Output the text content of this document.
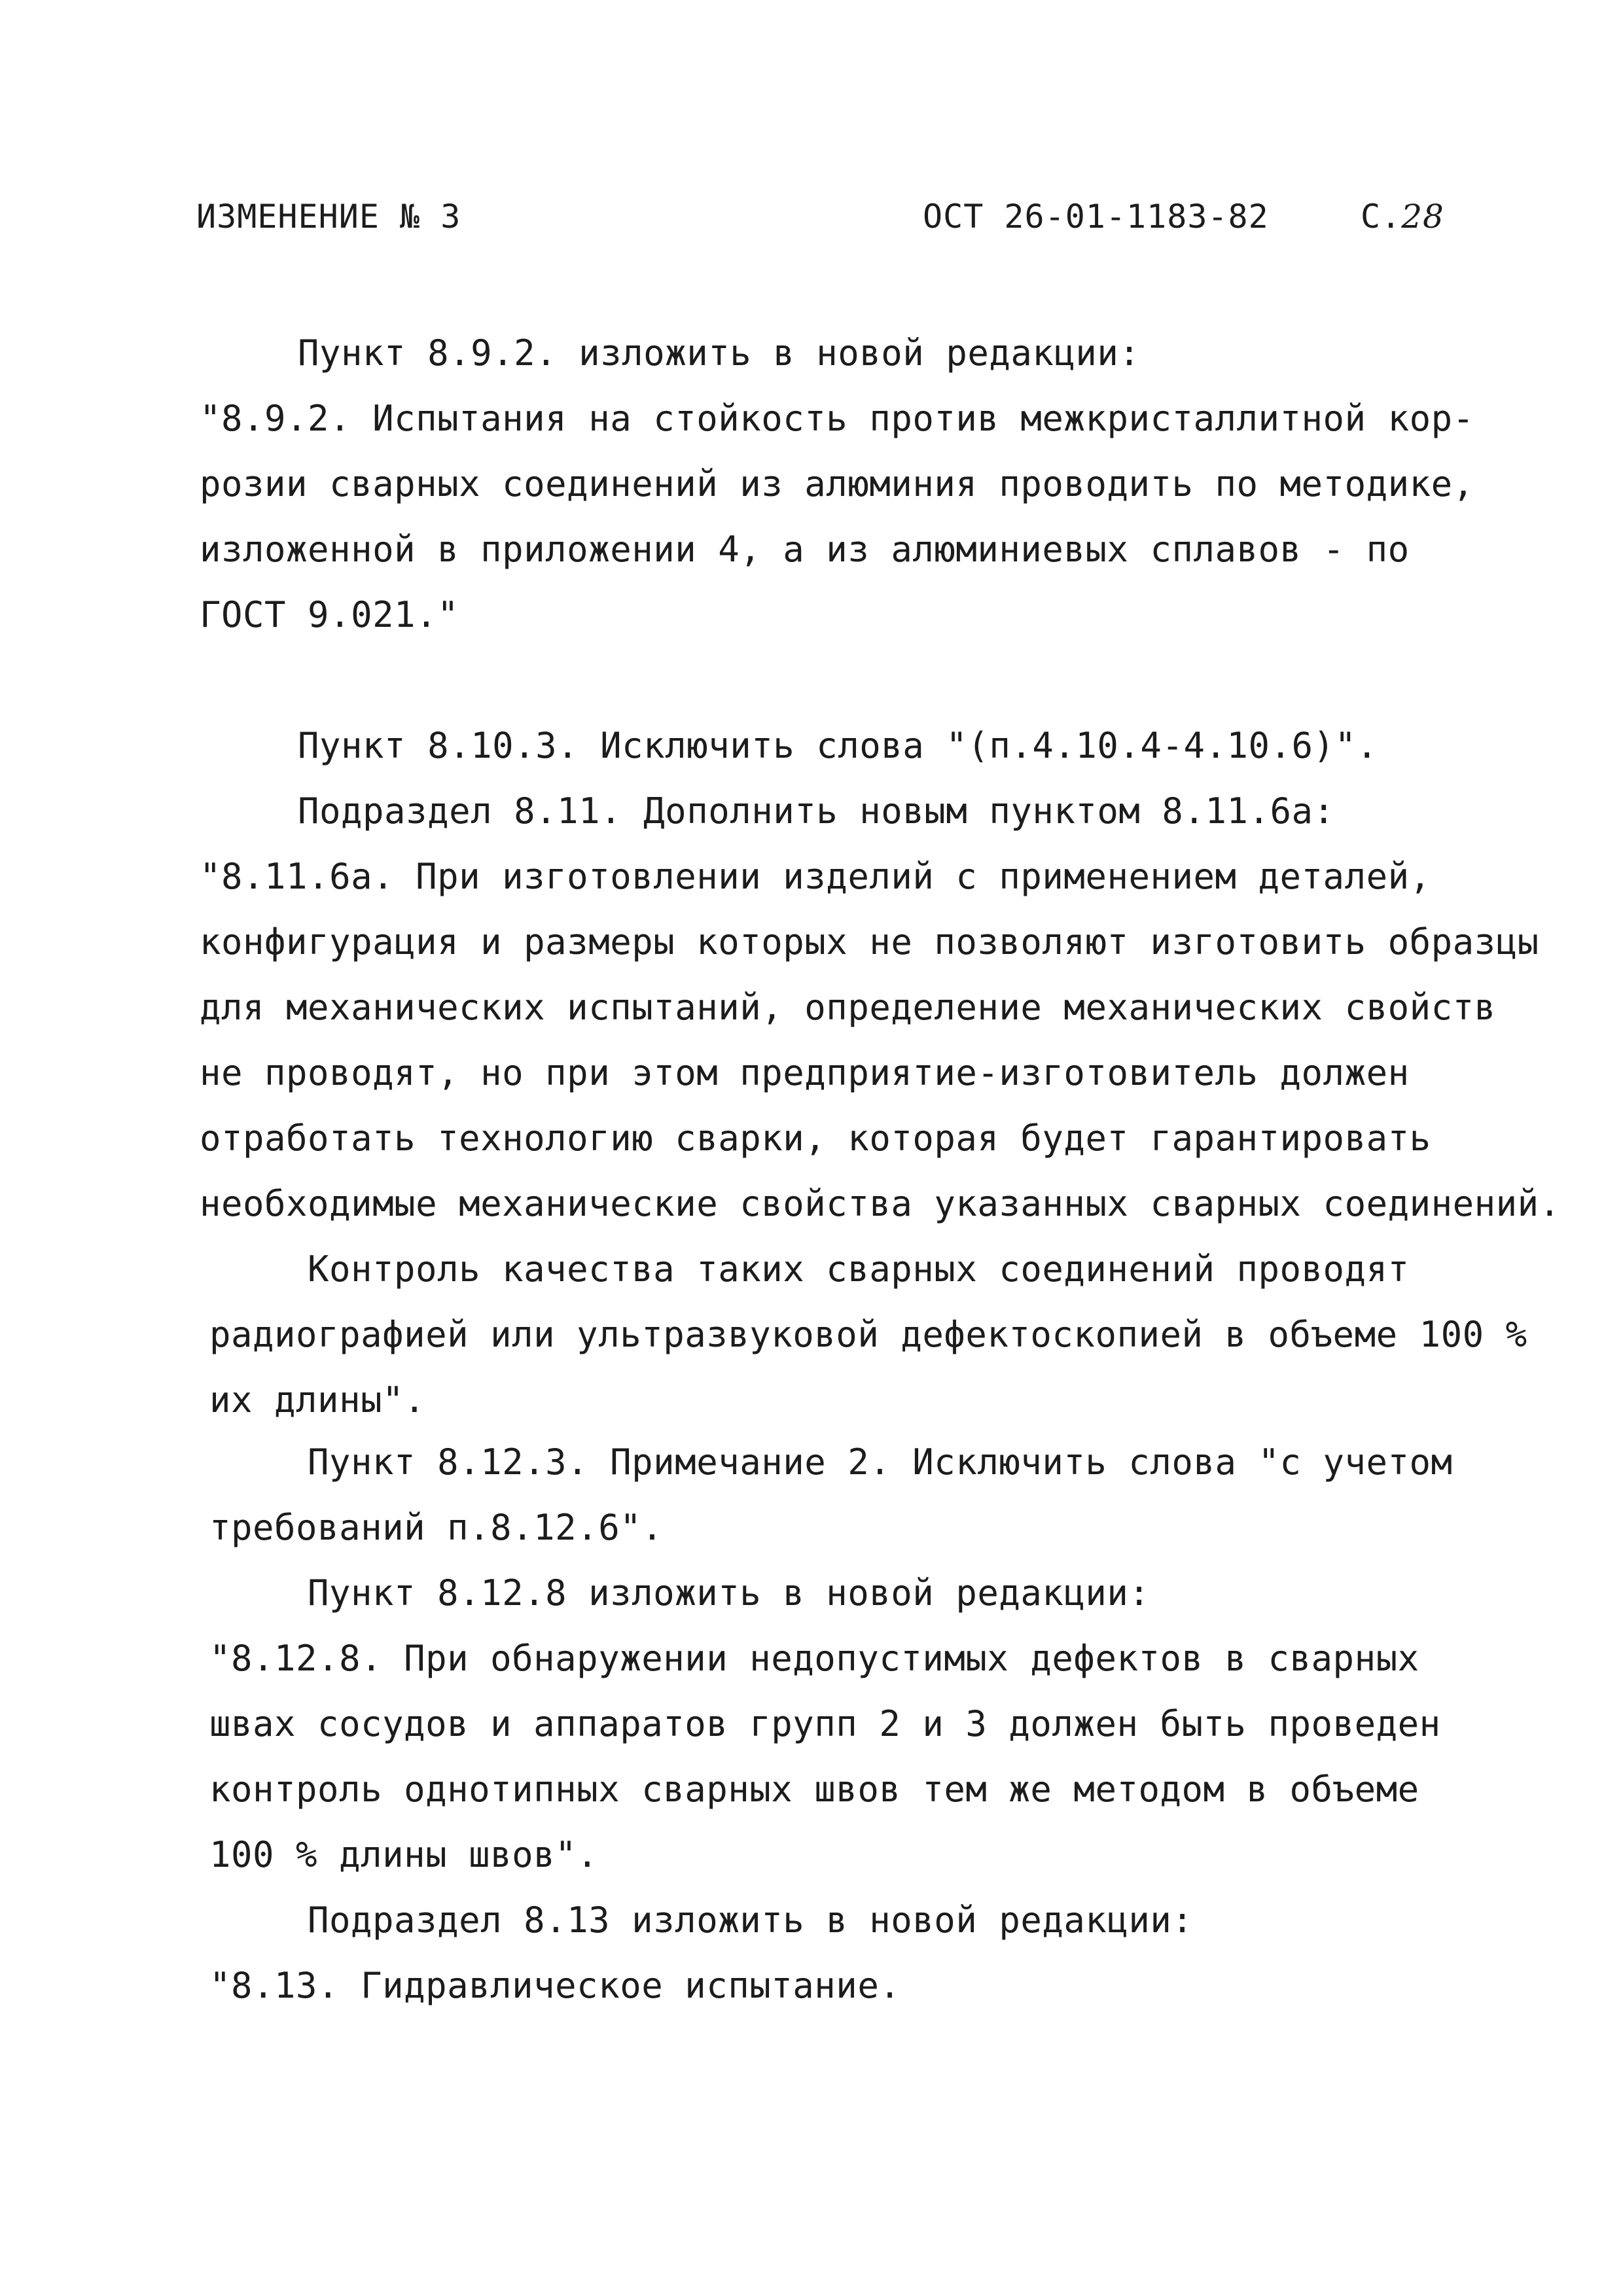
ИЗМЕНЕНИЕ № 3	ОСТ 26-01-1183-82	С.28
Пункт 8.9.2. изложить в новой редакции:
"8.9.2. Испытания на стойкость против межкристаллитной кор-
розии сварных соединений из алюминия проводить по методике,
изложенной в приложении 4, а из алюминиевых сплавов - по
ГОСТ 9.021."
Пункт 8.10.3. Исключить слова "(п.4.10.4-4.10.6)".
Подраздел 8.11. Дополнить новым пунктом 8.11.6а:
"8.11.6а. При изготовлении изделий с применением деталей,
конфигурация и размеры которых не позволяют изготовить образцы
для механических испытаний, определение механических свойств
не проводят, но при этом предприятие-изготовитель должен
отработать технологию сварки, которая будет гарантировать
необходимые механические свойства указанных сварных соединений.
Контроль качества таких сварных соединений проводят
радиографией или ультразвуковой дефектоскопией в объеме 100 %
их длины".
Пункт 8.12.3. Примечание 2. Исключить слова "с учетом
требований п.8.12.6".
Пункт 8.12.8 изложить в новой редакции:
"8.12.8. При обнаружении недопустимых дефектов в сварных
швах сосудов и аппаратов групп 2 и 3 должен быть проведен
контроль однотипных сварных швов тем же методом в объеме
100 % длины швов".
Подраздел 8.13 изложить в новой редакции:
"8.13. Гидравлическое испытание.
